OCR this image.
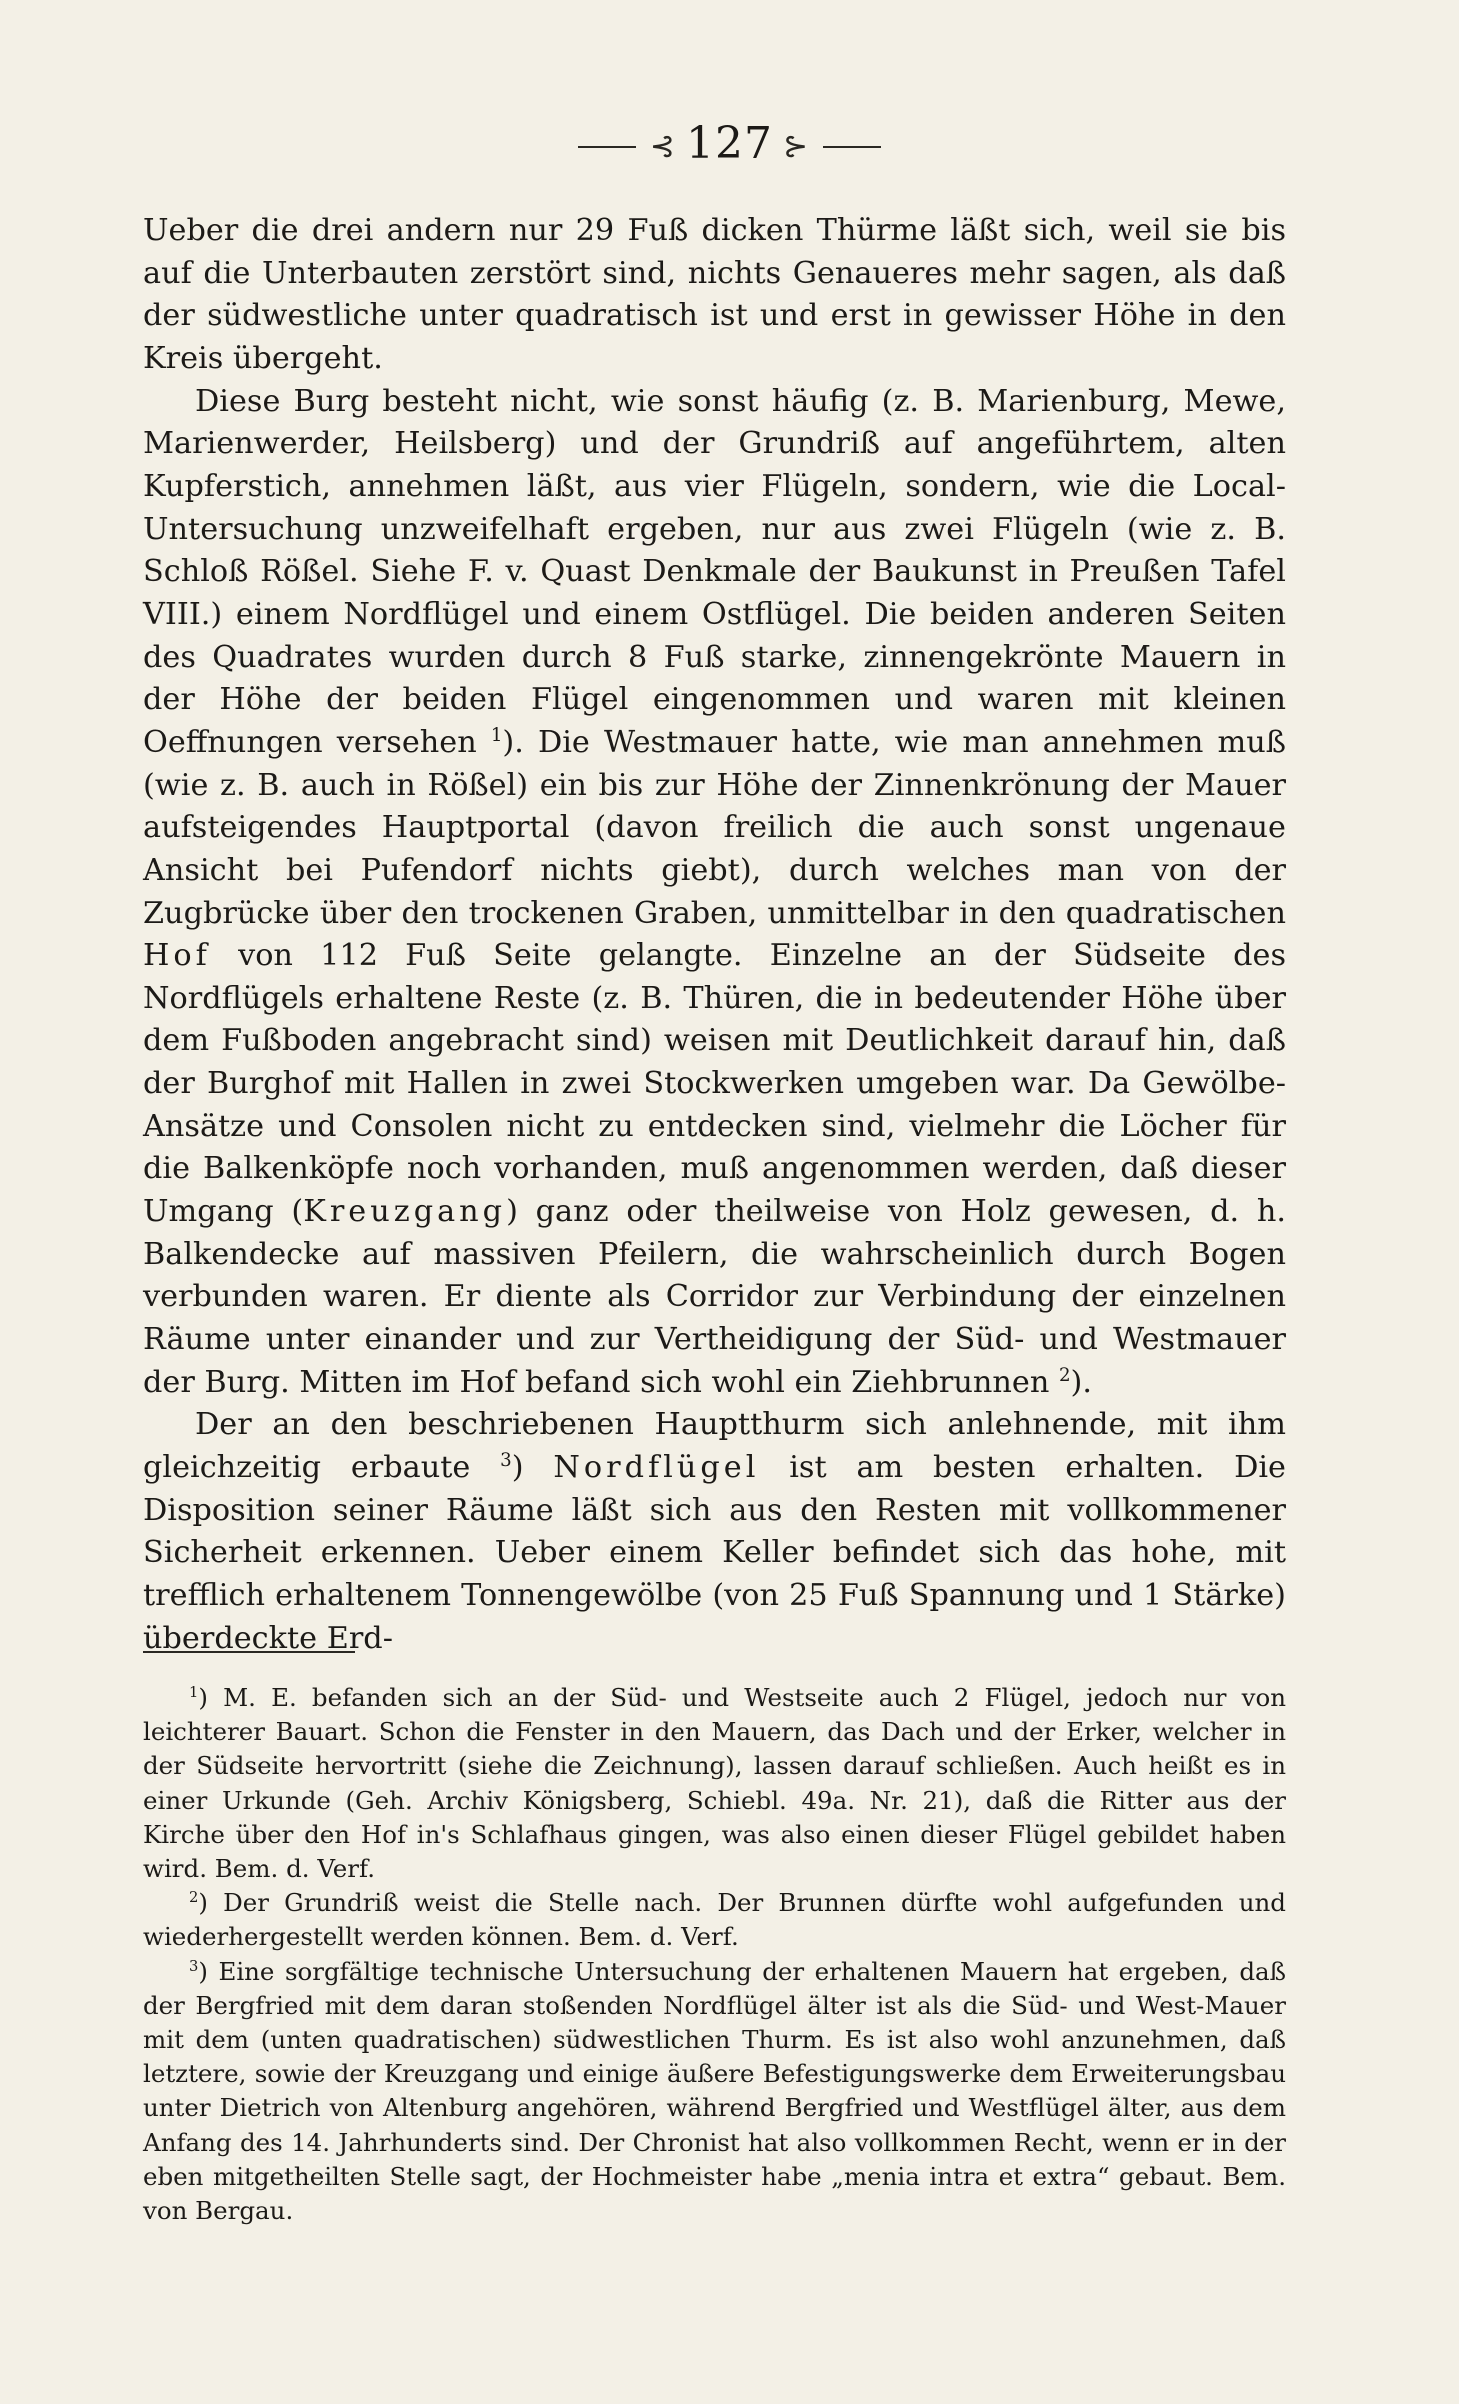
⊰ 127 ⊱

Ueber die drei andern nur 29 Fuß dicken Thürme läßt sich, weil sie bis auf die Unterbauten zerstört sind, nichts Genaueres mehr sagen, als daß der südwestliche unter quadratisch ist und erst in gewisser Höhe in den Kreis übergeht.

Diese Burg besteht nicht, wie sonst häufig (z. B. Marienburg, Mewe, Marienwerder, Heilsberg) und der Grundriß auf angeführtem, alten Kupferstich, annehmen läßt, aus vier Flügeln, sondern, wie die Local-Untersuchung unzweifelhaft ergeben, nur aus zwei Flügeln (wie z. B. Schloß Rößel. Siehe F. v. Quast Denkmale der Baukunst in Preußen Tafel VIII.) einem Nordflügel und einem Ostflügel. Die beiden anderen Seiten des Quadrates wurden durch 8 Fuß starke, zinnengekrönte Mauern in der Höhe der beiden Flügel eingenommen und waren mit kleinen Oeffnungen versehen $^1$). Die Westmauer hatte, wie man annehmen muß (wie z. B. auch in Rößel) ein bis zur Höhe der Zinnenkrönung der Mauer aufsteigendes Hauptportal (davon freilich die auch sonst ungenaue Ansicht bei Pufendorf nichts giebt), durch welches man von der Zugbrücke über den trockenen Graben, unmittelbar in den quadratischen Hof von 112 Fuß Seite gelangte. Einzelne an der Südseite des Nordflügels erhaltene Reste (z. B. Thüren, die in bedeutender Höhe über dem Fußboden angebracht sind) weisen mit Deutlichkeit darauf hin, daß der Burghof mit Hallen in zwei Stockwerken umgeben war. Da Gewölbe-Ansätze und Consolen nicht zu entdecken sind, vielmehr die Löcher für die Balkenköpfe noch vorhanden, muß angenommen werden, daß dieser Umgang (Kreuzgang) ganz oder theilweise von Holz gewesen, d. h. Balkendecke auf massiven Pfeilern, die wahrscheinlich durch Bogen verbunden waren. Er diente als Corridor zur Verbindung der einzelnen Räume unter einander und zur Vertheidigung der Süd- und Westmauer der Burg. Mitten im Hof befand sich wohl ein Ziehbrunnen $^2$).

Der an den beschriebenen Hauptthurm sich anlehnende, mit ihm gleichzeitig erbaute $^3$) Nordflügel ist am besten erhalten. Die Disposition seiner Räume läßt sich aus den Resten mit vollkommener Sicherheit erkennen. Ueber einem Keller befindet sich das hohe, mit trefflich erhaltenem Tonnengewölbe (von 25 Fuß Spannung und 1 Stärke) überdeckte Erd-

$^1$) M. E. befanden sich an der Süd- und Westseite auch 2 Flügel, jedoch nur von leichterer Bauart. Schon die Fenster in den Mauern, das Dach und der Erker, welcher in der Südseite hervortritt (siehe die Zeichnung), lassen darauf schließen. Auch heißt es in einer Urkunde (Geh. Archiv Königsberg, Schiebl. 49a. Nr. 21), daß die Ritter aus der Kirche über den Hof in's Schlafhaus gingen, was also einen dieser Flügel gebildet haben wird. Bem. d. Verf.

$^2$) Der Grundriß weist die Stelle nach. Der Brunnen dürfte wohl aufgefunden und wiederhergestellt werden können. Bem. d. Verf.

$^3$) Eine sorgfältige technische Untersuchung der erhaltenen Mauern hat ergeben, daß der Bergfried mit dem daran stoßenden Nordflügel älter ist als die Süd- und West-Mauer mit dem (unten quadratischen) südwestlichen Thurm. Es ist also wohl anzunehmen, daß letztere, sowie der Kreuzgang und einige äußere Befestigungswerke dem Erweiterungsbau unter Dietrich von Altenburg angehören, während Bergfried und Westflügel älter, aus dem Anfang des 14. Jahrhunderts sind. Der Chronist hat also vollkommen Recht, wenn er in der eben mitgetheilten Stelle sagt, der Hochmeister habe „menia intra et extra“ gebaut. Bem. von Bergau.
